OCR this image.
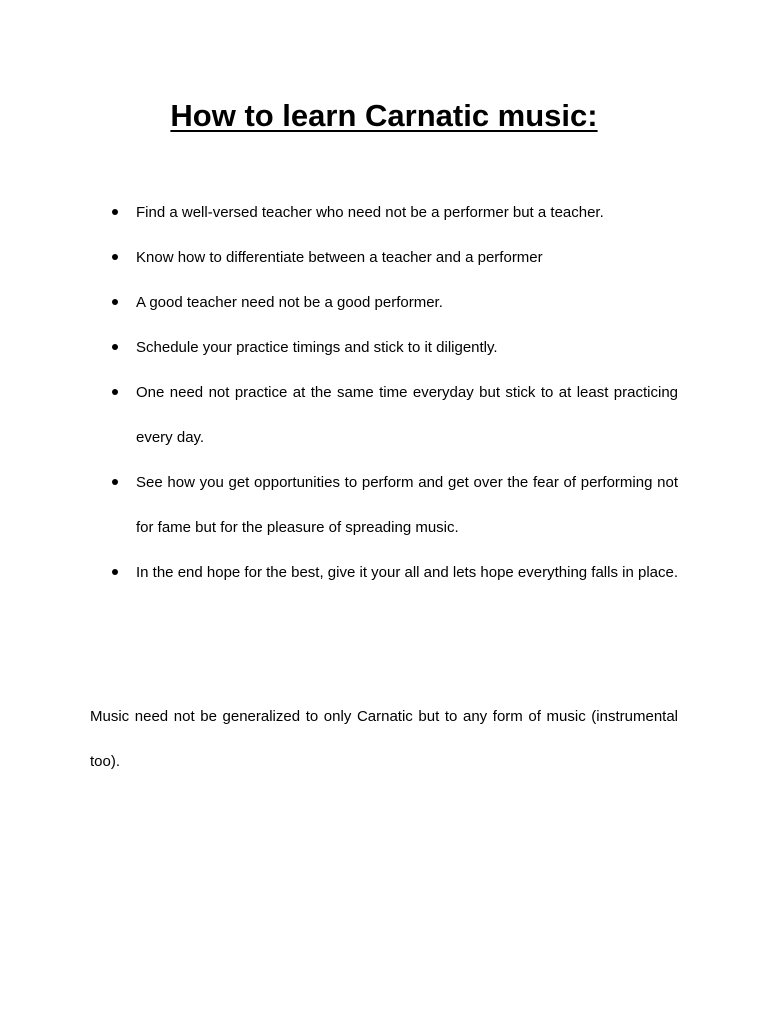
How to learn Carnatic music:
Find a well-versed teacher who need not be a performer but a teacher.
Know how to differentiate between a teacher and a performer
A good teacher need not be a good performer.
Schedule your practice timings and stick to it diligently.
One need not practice at the same time everyday but stick to at least practicing every day.
See how you get opportunities to perform and get over the fear of performing not for fame but for the pleasure of spreading music.
In the end hope for the best, give it your all and lets hope everything falls in place.

Music need not be generalized to only Carnatic but to any form of music (instrumental too).
